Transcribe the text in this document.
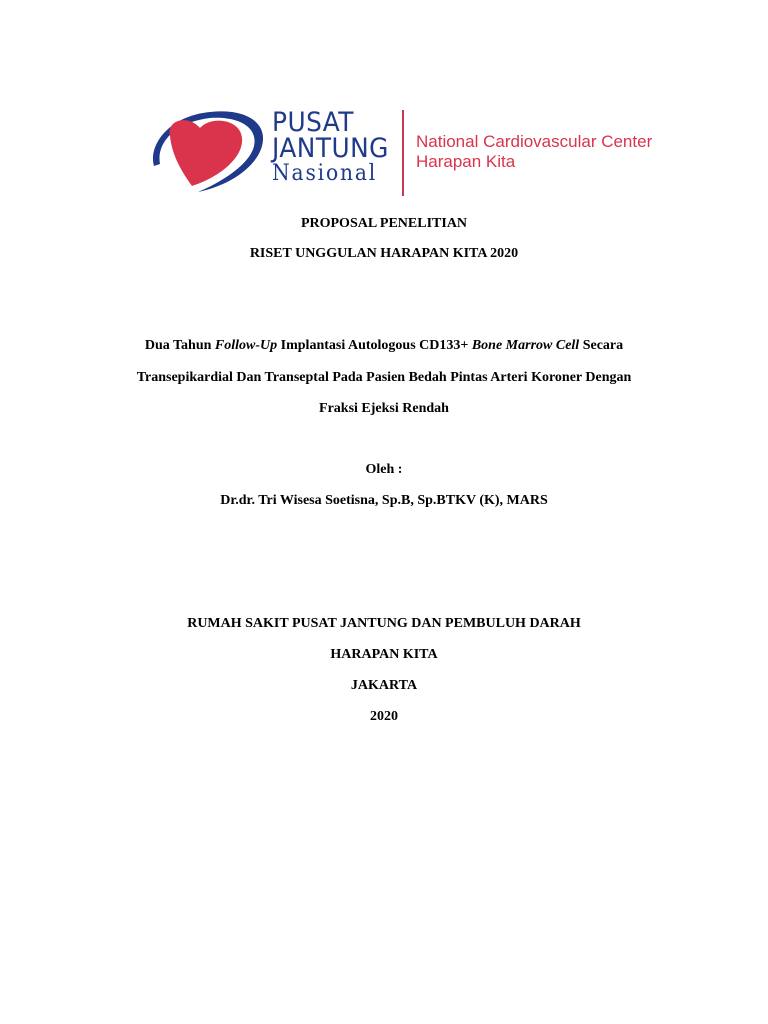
PUSAT
JANTUNG
Nasional
National Cardiovascular Center
Harapan Kita
PROPOSAL PENELITIAN
RISET UNGGULAN HARAPAN KITA 2020
Dua Tahun Follow-Up Implantasi Autologous CD133+ Bone Marrow Cell Secara
Transepikardial Dan Transeptal Pada Pasien Bedah Pintas Arteri Koroner Dengan
Fraksi Ejeksi Rendah
Oleh :
Dr.dr. Tri Wisesa Soetisna, Sp.B, Sp.BTKV (K), MARS
RUMAH SAKIT PUSAT JANTUNG DAN PEMBULUH DARAH
HARAPAN KITA
JAKARTA
2020
